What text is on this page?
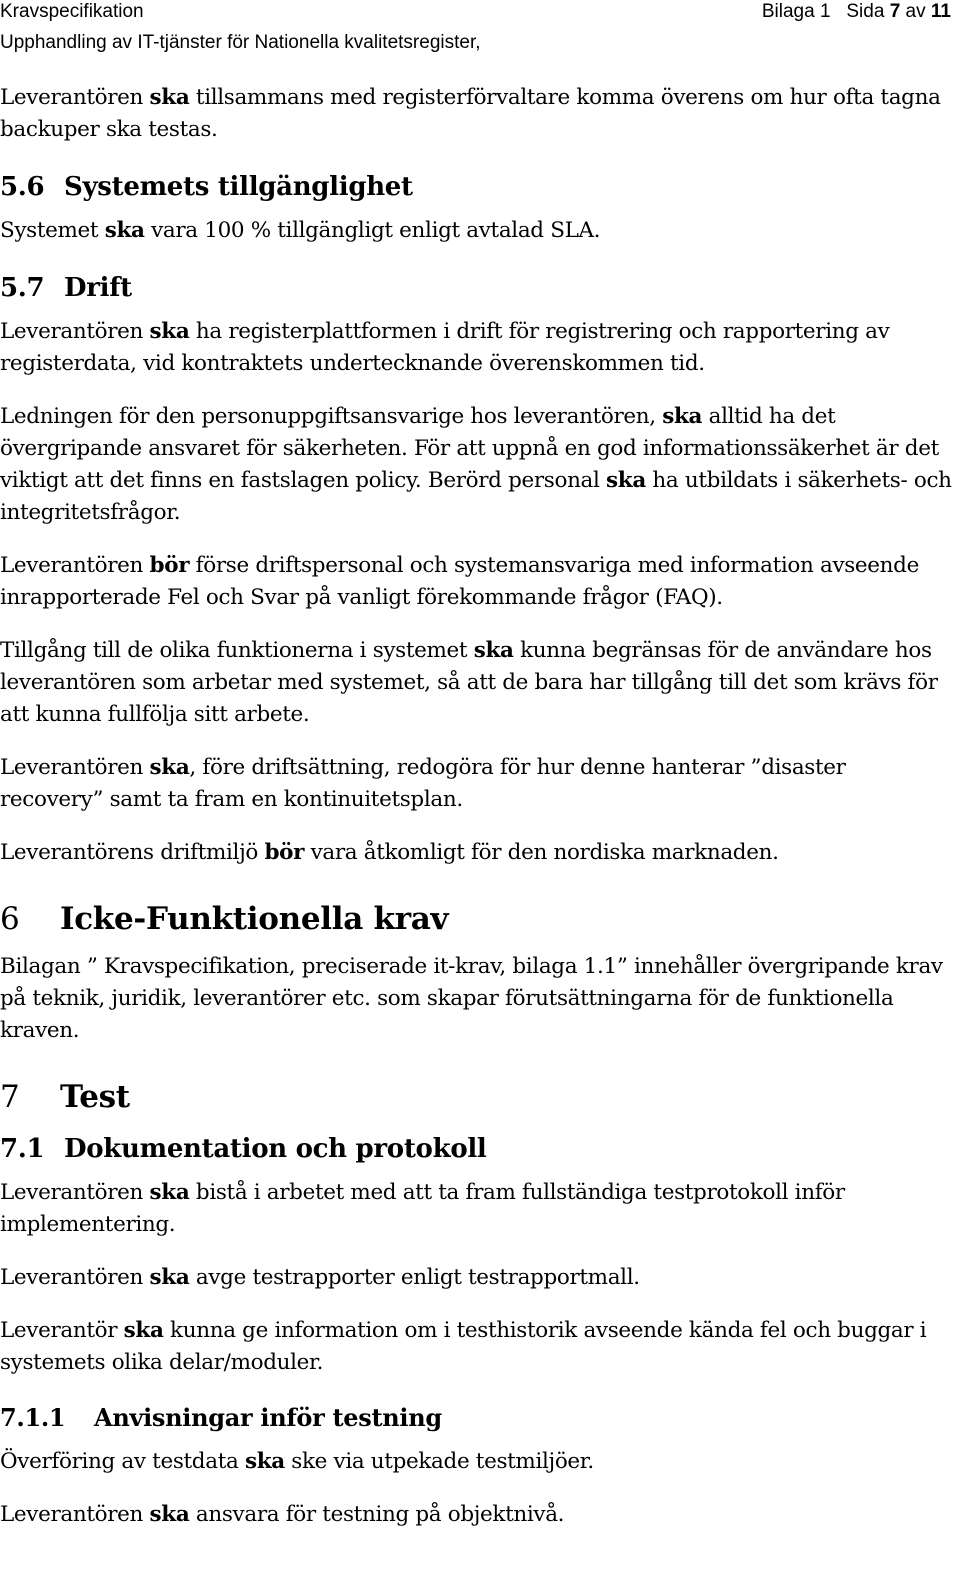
Kravspecifikation
Upphandling av IT-tjänster för Nationella kvalitetsregister,
Bilaga 1 Sida 7 av 11

Leverantören ska tillsammans med registerförvaltare komma överens om hur ofta tagna backuper ska testas.

5.6 Systemets tillgänglighet

Systemet ska vara 100 % tillgängligt enligt avtalad SLA.

5.7 Drift

Leverantören ska ha registerplattformen i drift för registrering och rapportering av registerdata, vid kontraktets undertecknande överenskommen tid.

Ledningen för den personuppgiftsansvarige hos leverantören, ska alltid ha det övergripande ansvaret för säkerheten. För att uppnå en god informationssäkerhet är det viktigt att det finns en fastslagen policy. Berörd personal ska ha utbildats i säkerhets- och integritetsfrågor.

Leverantören bör förse driftspersonal och systemansvariga med information avseende inrapporterade Fel och Svar på vanligt förekommande frågor (FAQ).

Tillgång till de olika funktionerna i systemet ska kunna begränsas för de användare hos leverantören som arbetar med systemet, så att de bara har tillgång till det som krävs för att kunna fullfölja sitt arbete.

Leverantören ska, före driftsättning, redogöra för hur denne hanterar ”disaster recovery” samt ta fram en kontinuitetsplan.

Leverantörens driftmiljö bör vara åtkomligt för den nordiska marknaden.

6 Icke-Funktionella krav

Bilagan ” Kravspecifikation, preciserade it-krav, bilaga 1.1” innehåller övergripande krav på teknik, juridik, leverantörer etc. som skapar förutsättningarna för de funktionella kraven.

7 Test
7.1 Dokumentation och protokoll

Leverantören ska bistå i arbetet med att ta fram fullständiga testprotokoll inför implementering.

Leverantören ska avge testrapporter enligt testrapportmall.

Leverantör ska kunna ge information om i testhistorik avseende kända fel och buggar i systemets olika delar/moduler.

7.1.1 Anvisningar inför testning

Överföring av testdata ska ske via utpekade testmiljöer.

Leverantören ska ansvara för testning på objektnivå.
